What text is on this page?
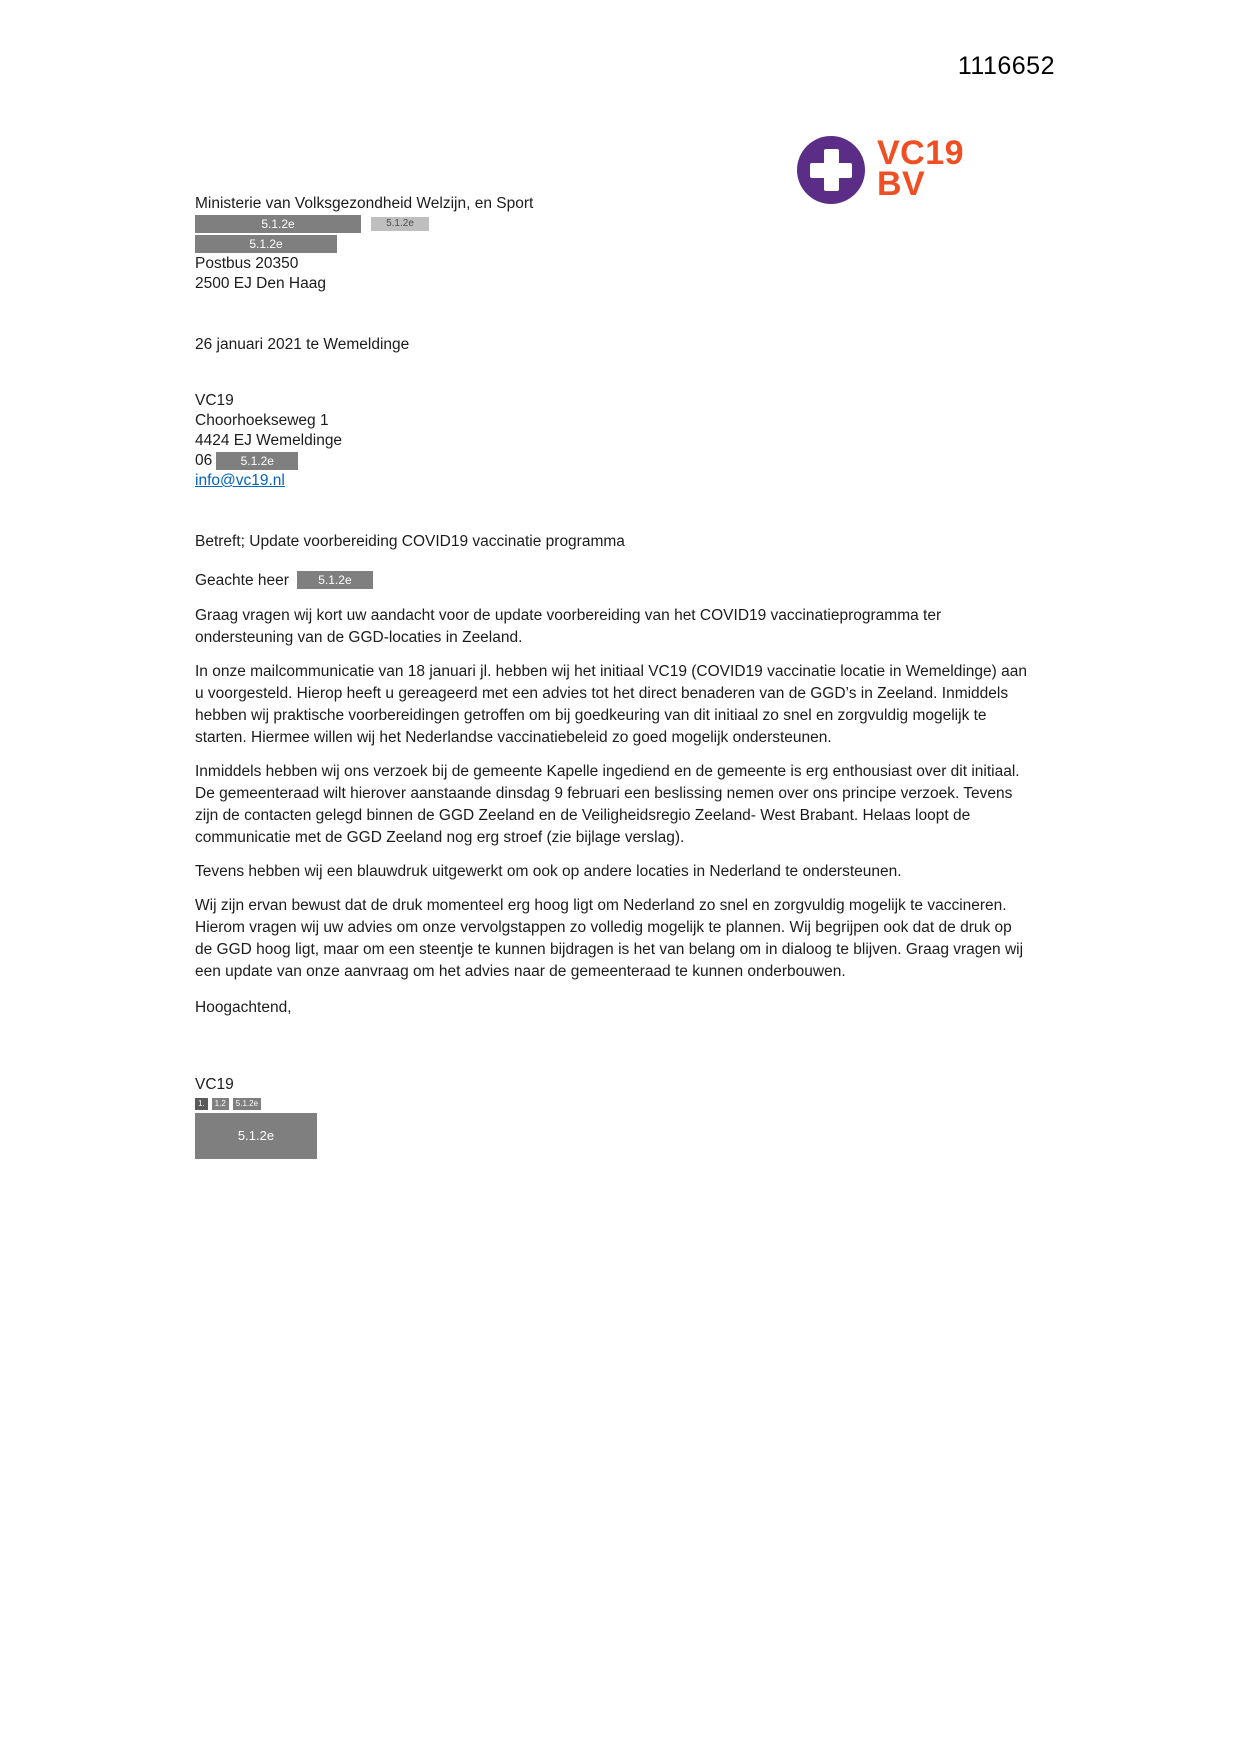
1116652
VC19
BV
Ministerie van Volksgezondheid Welzijn, en Sport
5.1.2e	5.1.2e
5.1.2e
Postbus 20350
2500 EJ Den Haag
26 januari 2021 te Wemeldinge
VC19
Choorhoekseweg 1
4424 EJ Wemeldinge
06	5.1.2e
info@vc19.nl
Betreft; Update voorbereiding COVID19 vaccinatie programma
Geachte heer	5.1.2e

Graag vragen wij kort uw aandacht voor de update voorbereiding van het COVID19 vaccinatieprogramma ter ondersteuning van de GGD-locaties in Zeeland.

In onze mailcommunicatie van 18 januari jl. hebben wij het initiaal VC19 (COVID19 vaccinatie locatie in Wemeldinge) aan u voorgesteld. Hierop heeft u gereageerd met een advies tot het direct benaderen van de GGD’s in Zeeland. Inmiddels hebben wij praktische voorbereidingen getroffen om bij goedkeuring van dit initiaal zo snel en zorgvuldig mogelijk te starten. Hiermee willen wij het Nederlandse vaccinatiebeleid zo goed mogelijk ondersteunen.

Inmiddels hebben wij ons verzoek bij de gemeente Kapelle ingediend en de gemeente is erg enthousiast over dit initiaal. De gemeenteraad wilt hierover aanstaande dinsdag 9 februari een beslissing nemen over ons principe verzoek. Tevens zijn de contacten gelegd binnen de GGD Zeeland en de Veiligheidsregio Zeeland- West Brabant. Helaas loopt de communicatie met de GGD Zeeland nog erg stroef (zie bijlage verslag).

Tevens hebben wij een blauwdruk uitgewerkt om ook op andere locaties in Nederland te ondersteunen.

Wij zijn ervan bewust dat de druk momenteel erg hoog ligt om Nederland zo snel en zorgvuldig mogelijk te vaccineren. Hierom vragen wij uw advies om onze vervolgstappen zo volledig mogelijk te plannen. Wij begrijpen ook dat de druk op de GGD hoog ligt, maar om een steentje te kunnen bijdragen is het van belang om in dialoog te blijven. Graag vragen wij een update van onze aanvraag om het advies naar de gemeenteraad te kunnen onderbouwen.

Hoogachtend,
VC19
1.	1.2	5.1.2e
5.1.2e
